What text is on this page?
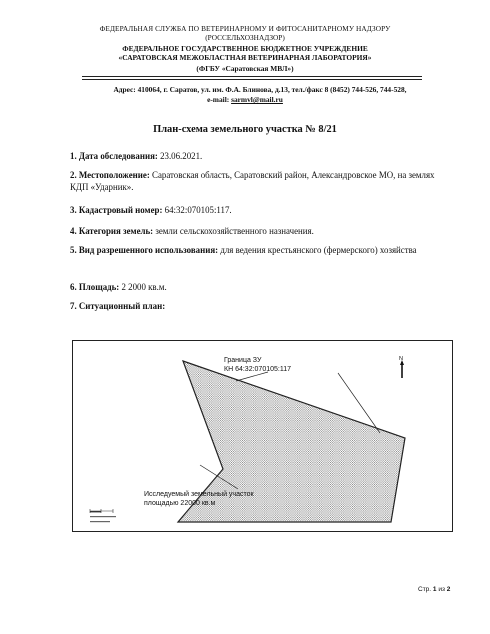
ФЕДЕРАЛЬНАЯ СЛУЖБА ПО ВЕТЕРИНАРНОМУ И ФИТОСАНИТАРНОМУ НАДЗОРУ
(РОССЕЛЬХОЗНАДЗОР)
ФЕДЕРАЛЬНОЕ ГОСУДАРСТВЕННОЕ БЮДЖЕТНОЕ УЧРЕЖДЕНИЕ
«САРАТОВСКАЯ МЕЖОБЛАСТНАЯ ВЕТЕРИНАРНАЯ ЛАБОРАТОРИЯ»
(ФГБУ «Саратовская МВЛ»)
Адрес: 410064, г. Саратов, ул. им. Ф.А. Блинова, д.13, тел./факс 8 (8452) 744-526, 744-528,
e-mail: sarmvl@mail.ru
План-схема земельного участка № 8/21
1. Дата обследования: 23.06.2021.
2. Местоположение: Саратовская область, Саратовский район, Александровское МО, на землях КДП «Ударник».
3. Кадастровый номер: 64:32:070105:117.
4. Категория земель: земли сельскохозяйственного назначения.
5. Вид разрешенного использования: для ведения крестьянского (фермерского) хозяйства
6. Площадь: 2 2000 кв.м.
7. Ситуационный план:
Граница ЗУ
КН 64:32:070105:117
Исследуемый земельный участок
площадью 22000 кв.м
N
Стр. 1 из 2
